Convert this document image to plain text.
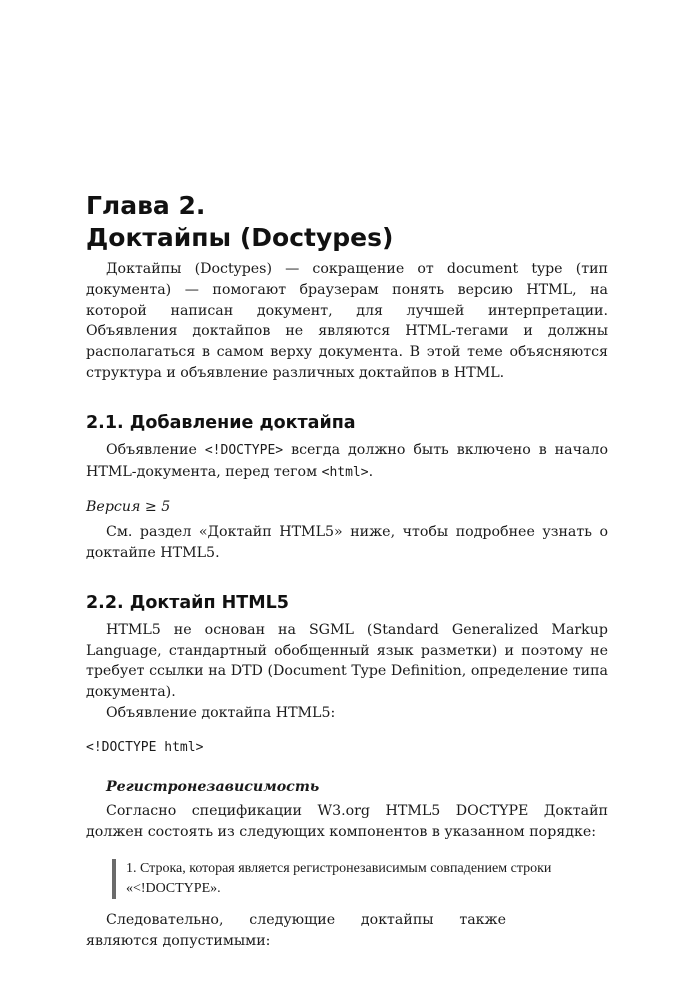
Глава 2.
Доктайпы (Doctypes)

Доктайпы (Doctypes) — сокращение от document type (тип документа) — помогают браузерам понять версию HTML, на которой написан документ, для лучшей интерпретации. Объявления доктайпов не являются HTML-тегами и должны располагаться в самом верху документа. В этой теме объясняются структура и объявление различных доктайпов в HTML.

2.1. Добавление доктайпа

Объявление <!DOCTYPE> всегда должно быть включено в начало HTML-документа, перед тегом <html>.

Версия ≥ 5

См. раздел «Доктайп HTML5» ниже, чтобы подробнее узнать о доктайпе HTML5.

2.2. Доктайп HTML5

HTML5 не основан на SGML (Standard Generalized Markup Language, стандартный обобщенный язык разметки) и поэтому не требует ссылки на DTD (Document Type Definition, определение типа документа).

Объявление доктайпа HTML5:

<!DOCTYPE html>

Регистронезависимость

Согласно спецификации W3.org HTML5 DOCTYPE Доктайп должен состоять из следующих компонентов в указанном порядке:

1. Строка, которая является регистронезависимым совпадением строки «<!DOCTYPE».

Следовательно, следующие доктайпы также являются допустимыми:
